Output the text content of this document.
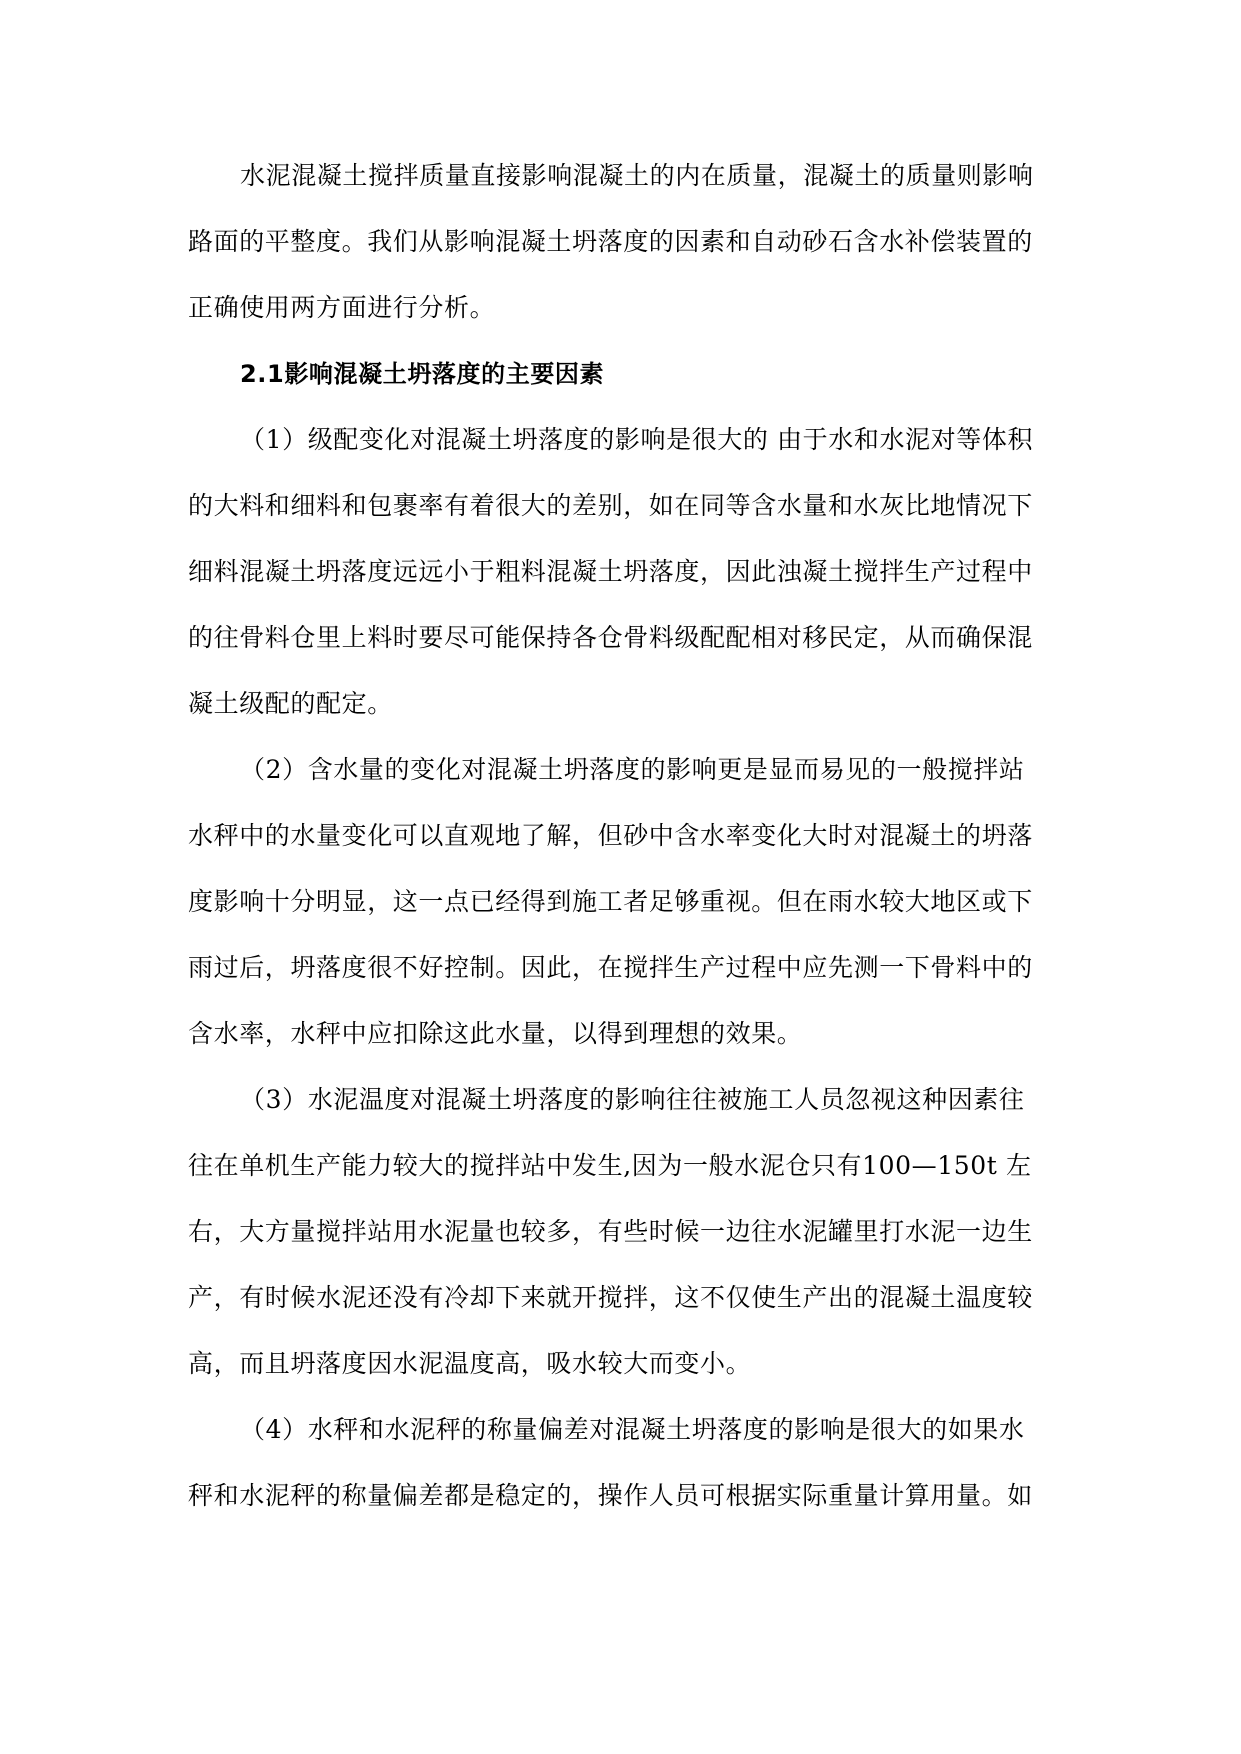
水泥混凝土搅拌质量直接影响混凝土的内在质量，混凝土的质量则影响
路面的平整度。我们从影响混凝土坍落度的因素和自动砂石含水补偿装置的
正确使用两方面进行分析。
2.1影响混凝土坍落度的主要因素
（1）级配变化对混凝土坍落度的影响是很大的 由于水和水泥对等体积
的大料和细料和包裹率有着很大的差别，如在同等含水量和水灰比地情况下
细料混凝土坍落度远远小于粗料混凝土坍落度，因此浊凝土搅拌生产过程中
的往骨料仓里上料时要尽可能保持各仓骨料级配配相对移民定，从而确保混
凝土级配的配定。
（2）含水量的变化对混凝土坍落度的影响更是显而易见的一般搅拌站
水秤中的水量变化可以直观地了解，但砂中含水率变化大时对混凝土的坍落
度影响十分明显，这一点已经得到施工者足够重视。但在雨水较大地区或下
雨过后，坍落度很不好控制。因此，在搅拌生产过程中应先测一下骨料中的
含水率，水秤中应扣除这此水量，以得到理想的效果。
（3）水泥温度对混凝土坍落度的影响往往被施工人员忽视这种因素往
往在单机生产能力较大的搅拌站中发生,因为一般水泥仓只有100—150t 左
右，大方量搅拌站用水泥量也较多，有些时候一边往水泥罐里打水泥一边生
产，有时候水泥还没有冷却下来就开搅拌，这不仅使生产出的混凝土温度较
高，而且坍落度因水泥温度高，吸水较大而变小。
（4）水秤和水泥秤的称量偏差对混凝土坍落度的影响是很大的如果水
秤和水泥秤的称量偏差都是稳定的，操作人员可根据实际重量计算用量。如
